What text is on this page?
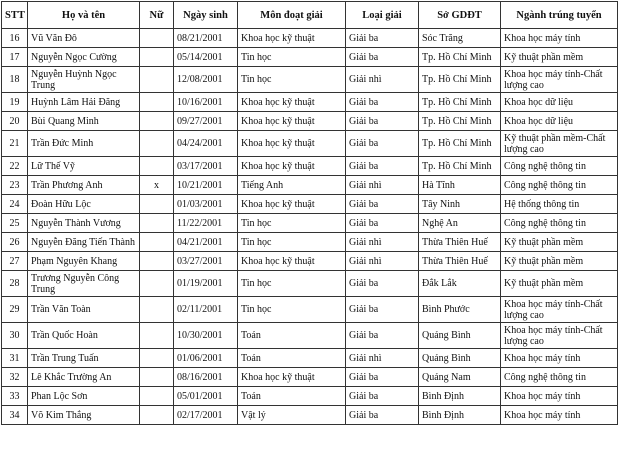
STT	Họ và tên	Nữ	Ngày sinh	Môn đoạt giải	Loại giải	Sở GDĐT	Ngành trúng tuyển
16	Vũ Văn Đô		08/21/2001	Khoa học kỹ thuật	Giải ba	Sóc Trăng	Khoa học máy tính
17	Nguyễn Ngọc Cường		05/14/2001	Tin học	Giải ba	Tp. Hồ Chí Minh	Kỹ thuật phần mềm
18	Nguyễn Huỳnh Ngọc Trung		12/08/2001	Tin học	Giải nhì	Tp. Hồ Chí Minh	Khoa học máy tính-Chất lượng cao
19	Huỳnh Lâm Hải Đăng		10/16/2001	Khoa học kỹ thuật	Giải ba	Tp. Hồ Chí Minh	Khoa học dữ liệu
20	Bùi Quang Minh		09/27/2001	Khoa học kỹ thuật	Giải ba	Tp. Hồ Chí Minh	Khoa học dữ liệu
21	Trần Đức Minh		04/24/2001	Khoa học kỹ thuật	Giải ba	Tp. Hồ Chí Minh	Kỹ thuật phần mềm-Chất lượng cao
22	Lữ Thế Vỹ		03/17/2001	Khoa học kỹ thuật	Giải ba	Tp. Hồ Chí Minh	Công nghệ thông tin
23	Trần Phương Anh	x	10/21/2001	Tiếng Anh	Giải nhì	Hà Tĩnh	Công nghệ thông tin
24	Đoàn Hữu Lộc		01/03/2001	Khoa học kỹ thuật	Giải ba	Tây Ninh	Hệ thống thông tin
25	Nguyễn Thành Vương		11/22/2001	Tin học	Giải ba	Nghệ An	Công nghệ thông tin
26	Nguyễn Đăng Tiến Thành		04/21/2001	Tin học	Giải nhì	Thừa Thiên Huế	Kỹ thuật phần mềm
27	Phạm Nguyên Khang		03/27/2001	Khoa học kỹ thuật	Giải nhì	Thừa Thiên Huế	Kỹ thuật phần mềm
28	Trương Nguyễn Công Trung		01/19/2001	Tin học	Giải ba	Đắk Lắk	Kỹ thuật phần mềm
29	Trần Văn Toàn		02/11/2001	Tin học	Giải ba	Bình Phước	Khoa học máy tính-Chất lượng cao
30	Trần Quốc Hoàn		10/30/2001	Toán	Giải ba	Quảng Bình	Khoa học máy tính-Chất lượng cao
31	Trần Trung Tuấn		01/06/2001	Toán	Giải nhì	Quảng Bình	Khoa học máy tính
32	Lê Khắc Trường An		08/16/2001	Khoa học kỹ thuật	Giải ba	Quảng Nam	Công nghệ thông tin
33	Phan Lộc Sơn		05/01/2001	Toán	Giải ba	Bình Định	Khoa học máy tính
34	Võ Kim Thắng		02/17/2001	Vật lý	Giải ba	Bình Định	Khoa học máy tính
